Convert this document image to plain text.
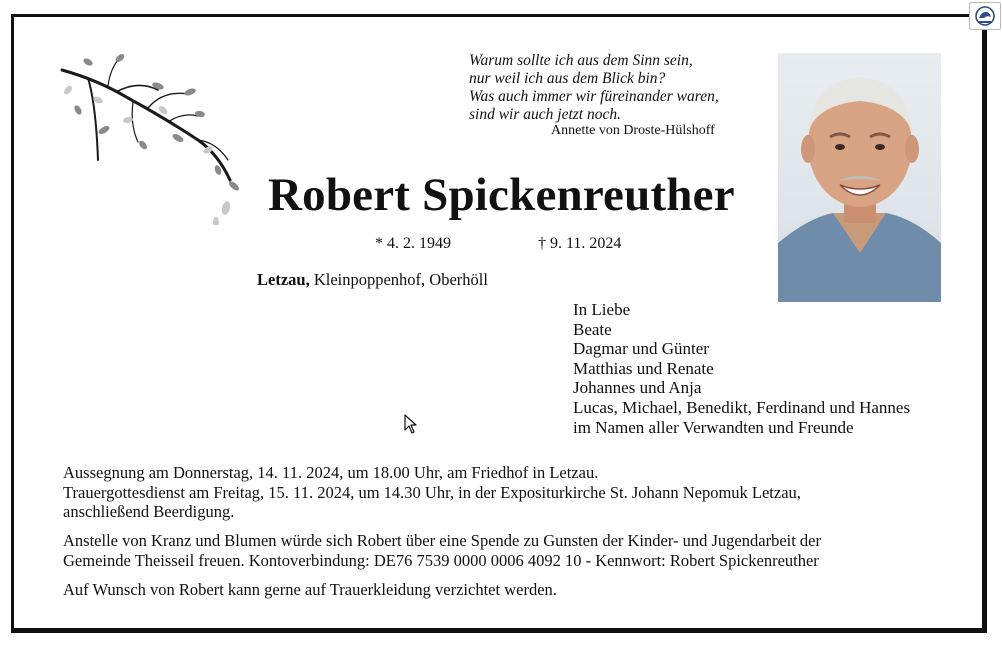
Warum sollte ich aus dem Sinn sein,
nur weil ich aus dem Blick bin?
Was auch immer wir füreinander waren,
sind wir auch jetzt noch.
Annette von Droste-Hülshoff
Robert Spickenreuther
* 4. 2. 1949	† 9. 11. 2024
Letzau, Kleinpoppenhof, Oberhöll
In Liebe
Beate
Dagmar und Günter
Matthias und Renate
Johannes und Anja
Lucas, Michael, Benedikt, Ferdinand und Hannes
im Namen aller Verwandten und Freunde
Aussegnung am Donnerstag, 14. 11. 2024, um 18.00 Uhr, am Friedhof in Letzau.
Trauergottesdienst am Freitag, 15. 11. 2024, um 14.30 Uhr, in der Expositurkirche St. Johann Nepomuk Letzau,
anschließend Beerdigung.
Anstelle von Kranz und Blumen würde sich Robert über eine Spende zu Gunsten der Kinder- und Jugendarbeit der
Gemeinde Theisseil freuen. Kontoverbindung: DE76 7539 0000 0006 4092 10 - Kennwort: Robert Spickenreuther
Auf Wunsch von Robert kann gerne auf Trauerkleidung verzichtet werden.
